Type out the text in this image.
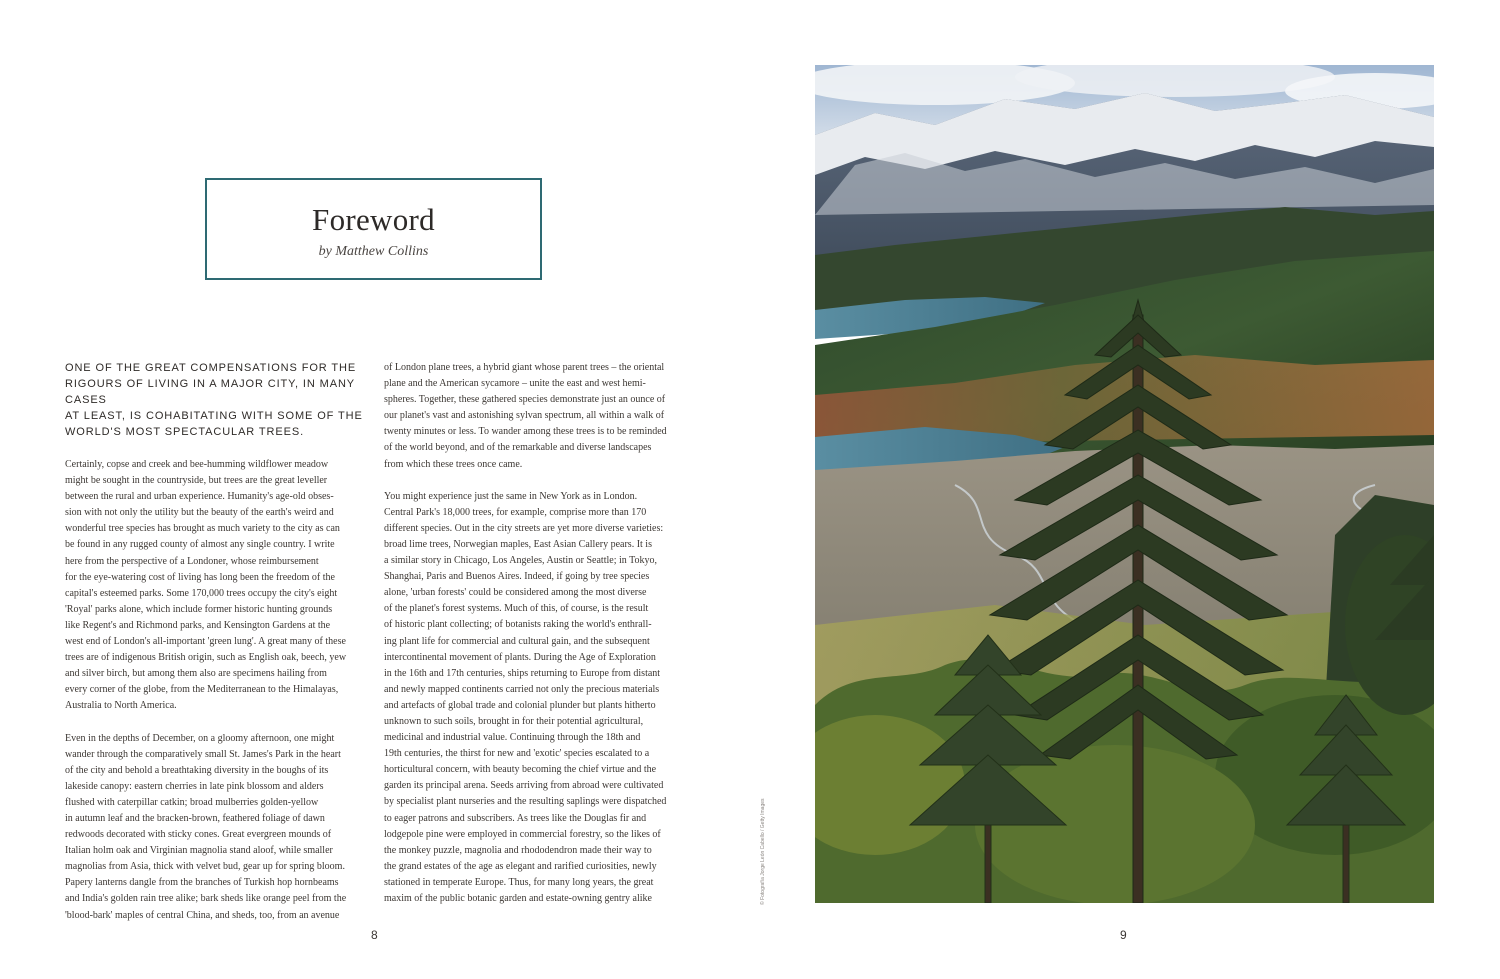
Foreword
by Matthew Collins

ONE OF THE GREAT COMPENSATIONS FOR THE
RIGOURS OF LIVING IN A MAJOR CITY, IN MANY CASES
AT LEAST, IS COHABITATING WITH SOME OF THE
WORLD'S MOST SPECTACULAR TREES.

Certainly, copse and creek and bee-humming wildflower meadow
might be sought in the countryside, but trees are the great leveller
between the rural and urban experience. Humanity's age-old obses-
sion with not only the utility but the beauty of the earth's weird and
wonderful tree species has brought as much variety to the city as can
be found in any rugged county of almost any single country. I write
here from the perspective of a Londoner, whose reimbursement
for the eye-watering cost of living has long been the freedom of the
capital's esteemed parks. Some 170,000 trees occupy the city's eight
'Royal' parks alone, which include former historic hunting grounds
like Regent's and Richmond parks, and Kensington Gardens at the
west end of London's all-important 'green lung'. A great many of these
trees are of indigenous British origin, such as English oak, beech, yew
and silver birch, but among them also are specimens hailing from
every corner of the globe, from the Mediterranean to the Himalayas,
Australia to North America.

Even in the depths of December, on a gloomy afternoon, one might
wander through the comparatively small St. James's Park in the heart
of the city and behold a breathtaking diversity in the boughs of its
lakeside canopy: eastern cherries in late pink blossom and alders
flushed with caterpillar catkin; broad mulberries golden-yellow
in autumn leaf and the bracken-brown, feathered foliage of dawn
redwoods decorated with sticky cones. Great evergreen mounds of
Italian holm oak and Virginian magnolia stand aloof, while smaller
magnolias from Asia, thick with velvet bud, gear up for spring bloom.
Papery lanterns dangle from the branches of Turkish hop hornbeams
and India's golden rain tree alike; bark sheds like orange peel from the
'blood-bark' maples of central China, and sheds, too, from an avenue

of London plane trees, a hybrid giant whose parent trees – the oriental
plane and the American sycamore – unite the east and west hemi-
spheres. Together, these gathered species demonstrate just an ounce of
our planet's vast and astonishing sylvan spectrum, all within a walk of
twenty minutes or less. To wander among these trees is to be reminded
of the world beyond, and of the remarkable and diverse landscapes
from which these trees once came.

You might experience just the same in New York as in London.
Central Park's 18,000 trees, for example, comprise more than 170
different species. Out in the city streets are yet more diverse varieties:
broad lime trees, Norwegian maples, East Asian Callery pears. It is
a similar story in Chicago, Los Angeles, Austin or Seattle; in Tokyo,
Shanghai, Paris and Buenos Aires. Indeed, if going by tree species
alone, 'urban forests' could be considered among the most diverse
of the planet's forest systems. Much of this, of course, is the result
of historic plant collecting; of botanists raking the world's enthrall-
ing plant life for commercial and cultural gain, and the subsequent
intercontinental movement of plants. During the Age of Exploration
in the 16th and 17th centuries, ships returning to Europe from distant
and newly mapped continents carried not only the precious materials
and artefacts of global trade and colonial plunder but plants hitherto
unknown to such soils, brought in for their potential agricultural,
medicinal and industrial value. Continuing through the 18th and
19th centuries, the thirst for new and 'exotic' species escalated to a
horticultural concern, with beauty becoming the chief virtue and the
garden its principal arena. Seeds arriving from abroad were cultivated
by specialist plant nurseries and the resulting saplings were dispatched
to eager patrons and subscribers. As trees like the Douglas fir and
lodgepole pine were employed in commercial forestry, so the likes of
the monkey puzzle, magnolia and rhododendron made their way to
the grand estates of the age as elegant and rarified curiosities, newly
stationed in temperate Europe. Thus, for many long years, the great
maxim of the public botanic garden and estate-owning gentry alike

8	9
© Fotografía Jorge León Cabello / Getty Images
